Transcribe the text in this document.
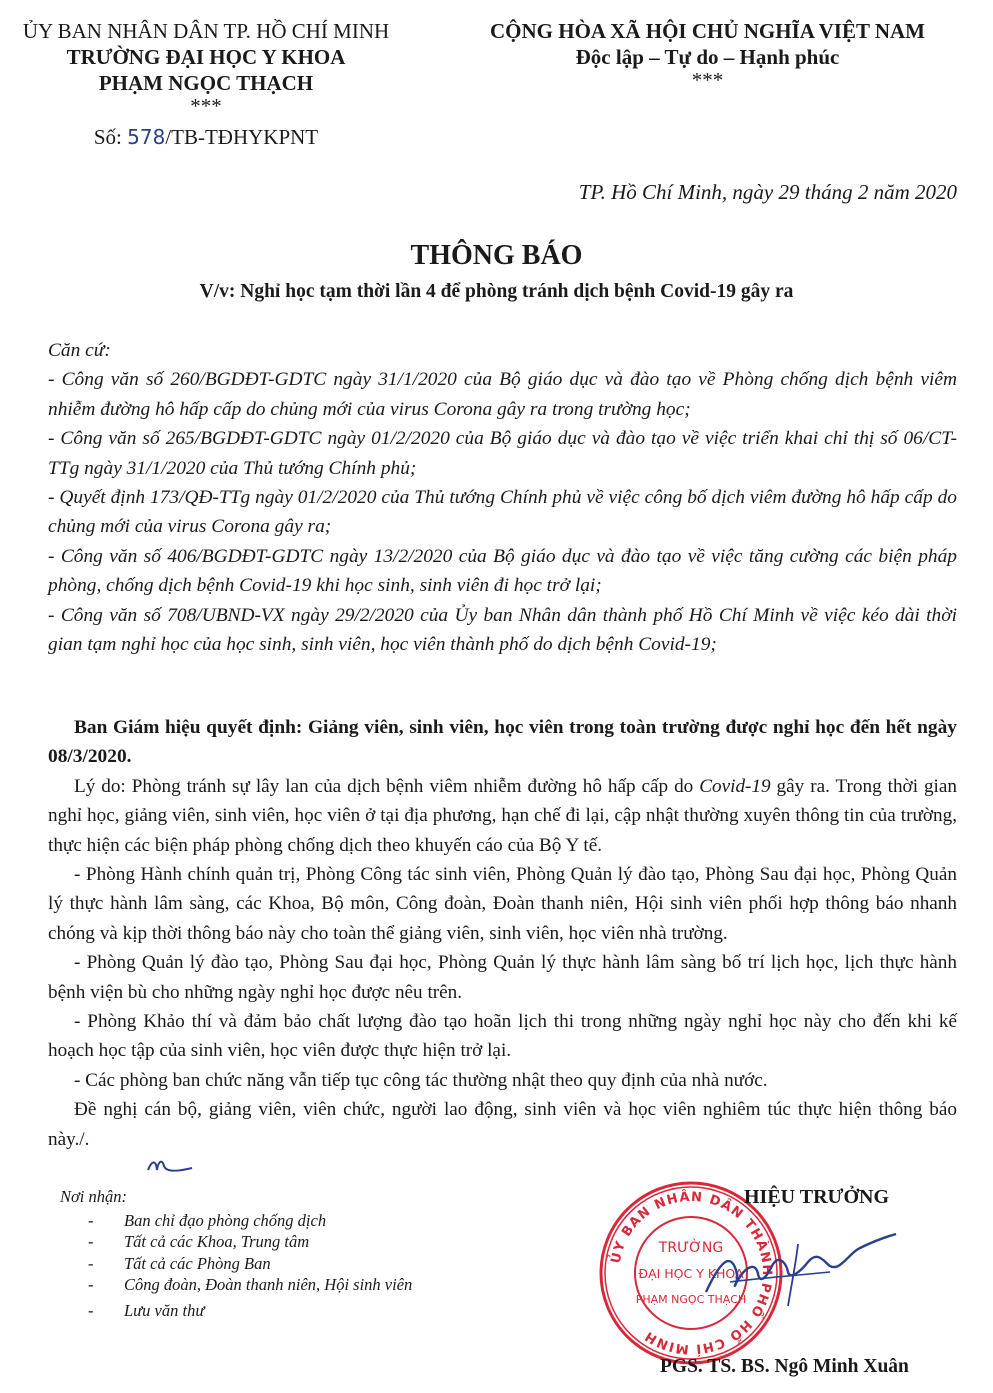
ỦY BAN NHÂN DÂN TP. HỒ CHÍ MINH
TRƯỜNG ĐẠI HỌC Y KHOA
PHẠM NGỌC THẠCH
***
Số: 578/TB-TĐHYKPNT
CỘNG HÒA XÃ HỘI CHỦ NGHĨA VIỆT NAM
Độc lập – Tự do – Hạnh phúc
***
TP. Hồ Chí Minh, ngày 29 tháng 2 năm 2020
THÔNG BÁO
V/v: Nghỉ học tạm thời lần 4 để phòng tránh dịch bệnh Covid-19 gây ra
Căn cứ:
- Công văn số 260/BGDĐT-GDTC ngày 31/1/2020 của Bộ giáo dục và đào tạo về Phòng chống dịch bệnh viêm nhiễm đường hô hấp cấp do chủng mới của virus Corona gây ra trong trường học;
- Công văn số 265/BGDĐT-GDTC ngày 01/2/2020 của Bộ giáo dục và đào tạo về việc triển khai chỉ thị số 06/CT-TTg ngày 31/1/2020 của Thủ tướng Chính phủ;
- Quyết định 173/QĐ-TTg ngày 01/2/2020 của Thủ tướng Chính phủ về việc công bố dịch viêm đường hô hấp cấp do chủng mới của virus Corona gây ra;
- Công văn số 406/BGDĐT-GDTC ngày 13/2/2020 của Bộ giáo dục và đào tạo về việc tăng cường các biện pháp phòng, chống dịch bệnh Covid-19 khi học sinh, sinh viên đi học trở lại;
- Công văn số 708/UBND-VX ngày 29/2/2020 của Ủy ban Nhân dân thành phố Hồ Chí Minh về việc kéo dài thời gian tạm nghỉ học của học sinh, sinh viên, học viên thành phố do dịch bệnh Covid-19;

Ban Giám hiệu quyết định: Giảng viên, sinh viên, học viên trong toàn trường được nghỉ học đến hết ngày 08/3/2020.

Lý do: Phòng tránh sự lây lan của dịch bệnh viêm nhiễm đường hô hấp cấp do Covid-19 gây ra. Trong thời gian nghỉ học, giảng viên, sinh viên, học viên ở tại địa phương, hạn chế đi lại, cập nhật thường xuyên thông tin của trường, thực hiện các biện pháp phòng chống dịch theo khuyến cáo của Bộ Y tế.

- Phòng Hành chính quản trị, Phòng Công tác sinh viên, Phòng Quản lý đào tạo, Phòng Sau đại học, Phòng Quản lý thực hành lâm sàng, các Khoa, Bộ môn, Công đoàn, Đoàn thanh niên, Hội sinh viên phối hợp thông báo nhanh chóng và kịp thời thông báo này cho toàn thể giảng viên, sinh viên, học viên nhà trường.

- Phòng Quản lý đào tạo, Phòng Sau đại học, Phòng Quản lý thực hành lâm sàng bố trí lịch học, lịch thực hành bệnh viện bù cho những ngày nghỉ học được nêu trên.

- Phòng Khảo thí và đảm bảo chất lượng đào tạo hoãn lịch thi trong những ngày nghỉ học này cho đến khi kế hoạch học tập của sinh viên, học viên được thực hiện trở lại.

- Các phòng ban chức năng vẫn tiếp tục công tác thường nhật theo quy định của nhà nước.

Đề nghị cán bộ, giảng viên, viên chức, người lao động, sinh viên và học viên nghiêm túc thực hiện thông báo này./.

Nơi nhận:
- Ban chỉ đạo phòng chống dịch
- Tất cả các Khoa, Trung tâm
- Tất cả các Phòng Ban
- Công đoàn, Đoàn thanh niên, Hội sinh viên
- Lưu văn thư
ỦY BAN NHÂN DÂN THÀNH PHỐ HỒ CHÍ MINH
TRƯỜNG
ĐẠI HỌC Y KHOA
PHẠM NGỌC THẠCH
HIỆU TRƯỞNG
PGS. TS. BS. Ngô Minh Xuân
